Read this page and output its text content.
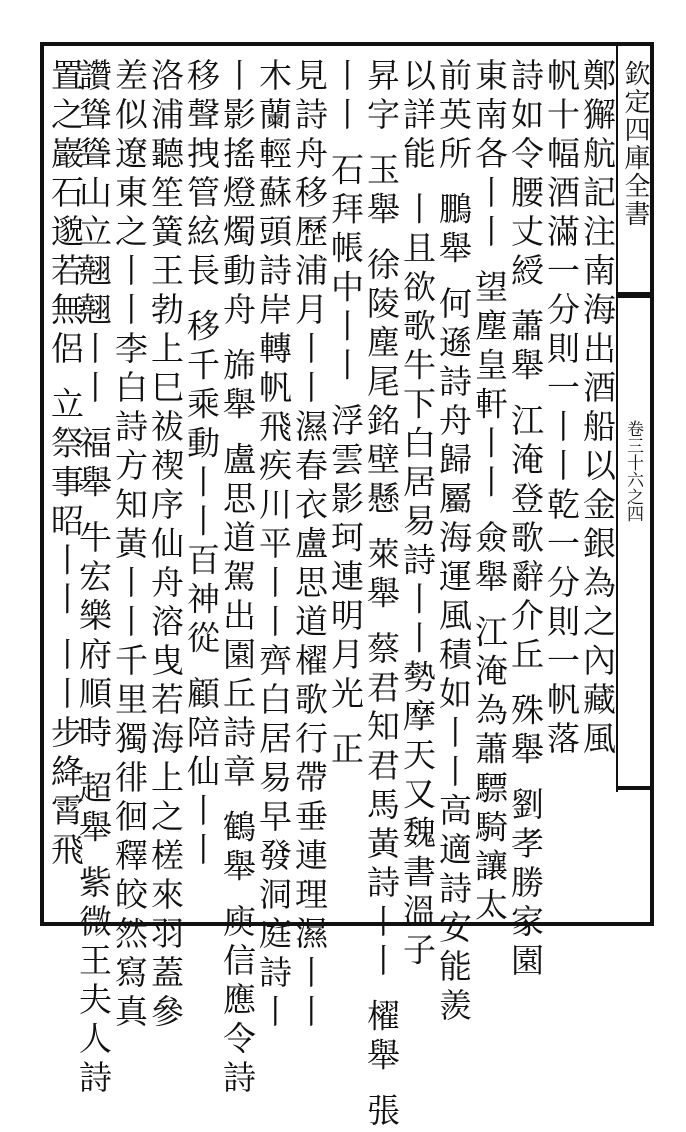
欽定四庫全書
卷三十六之四
鄭獬航記注南海出酒船以金銀為之內藏風
帆十幅酒滿一分則一丨丨乾一分則一帆落
詩如令腰丈綬 蕭舉 江淹登歌辭介丘 殊舉 劉孝勝家園
東南各丨丨 望塵皇軒丨丨 僉舉 江淹為蕭驃騎讓太
前英所 鵬舉 何遜詩舟歸屬海運風積如丨丨高適詩安能羨
以詳能 丨且欲歌牛下白居易詩丨丨勢摩天又魏書溫子
昇字 玉舉 徐陵塵尾銘壁懸 萊舉 蔡君知君馬黃詩丨丨 櫂舉 張
丨丨 石拜帳中丨丨 浮雲影珂連明月光 正
見詩舟移歷浦月丨丨濕春衣盧思道櫂歌行帶垂連理濕丨丨
木蘭輕蘇頭詩岸轉帆飛疾川平丨丨齊白居易早發洞庭詩丨
丨影搖燈燭動舟 旆舉 盧思道駕出園丘詩章 鶴舉 庾信應令詩
移聲拽管絃長 移千乘動丨丨百神從 顧陪仙丨丨
洛浦聽笙簧王勃上巳祓禊序仙舟溶曳若海上之槎來羽蓋參
差似遼東之丨丨李白詩方知黃丨丨千里獨徘徊釋皎然寫真
讚聳聳山立翹翹丨丨 福舉 牛宏樂府順時 超舉 紫微王夫人詩
置之巖石邈若無侶 立祭事昭丨丨 丨丨步絳霄飛
